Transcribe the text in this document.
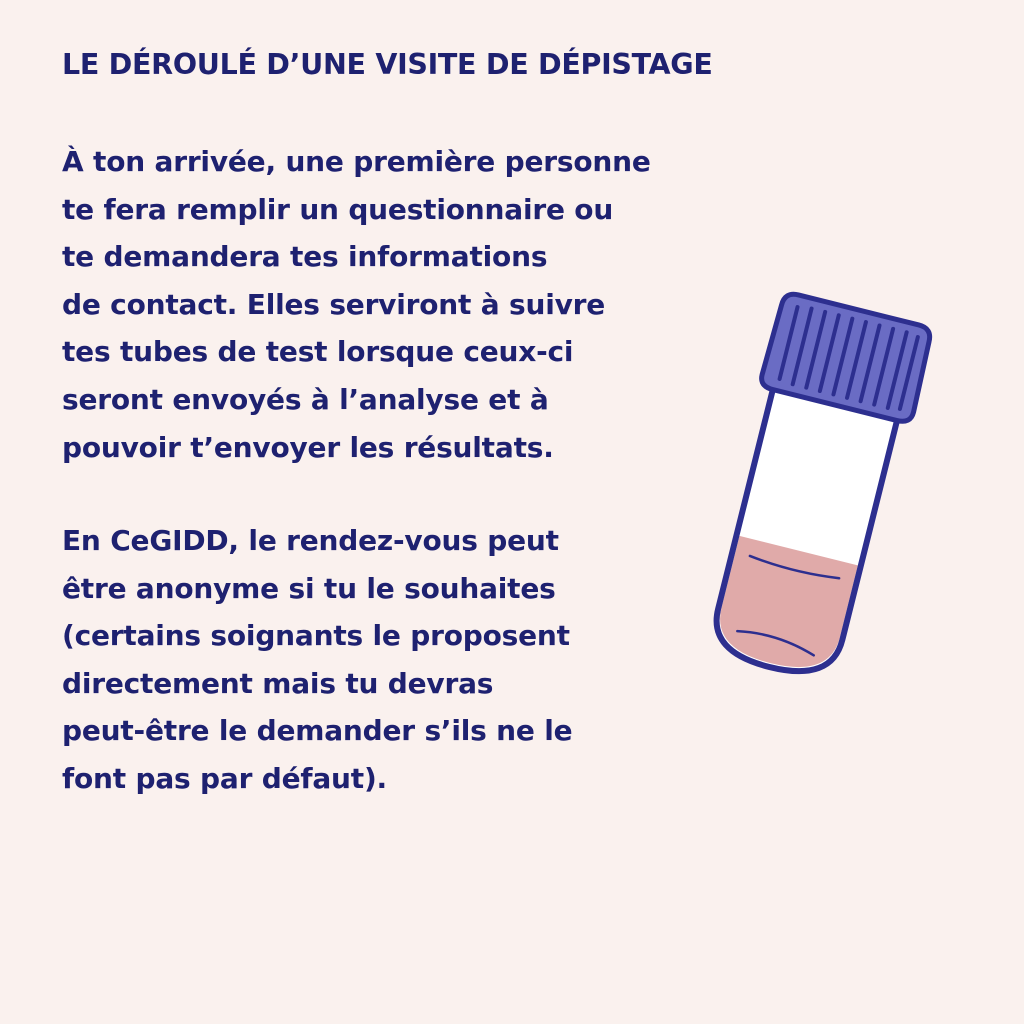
LE DÉROULÉ D’UNE VISITE DE DÉPISTAGE

À ton arrivée, une première personne
te fera remplir un questionnaire ou
te demandera tes informations
de contact. Elles serviront à suivre
tes tubes de test lorsque ceux-ci
seront envoyés à l’analyse et à
pouvoir t’envoyer les résultats.

En CeGIDD, le rendez-vous peut
être anonyme si tu le souhaites
(certains soignants le proposent
directement mais tu devras
peut-être le demander s’ils ne le
font pas par défaut).
